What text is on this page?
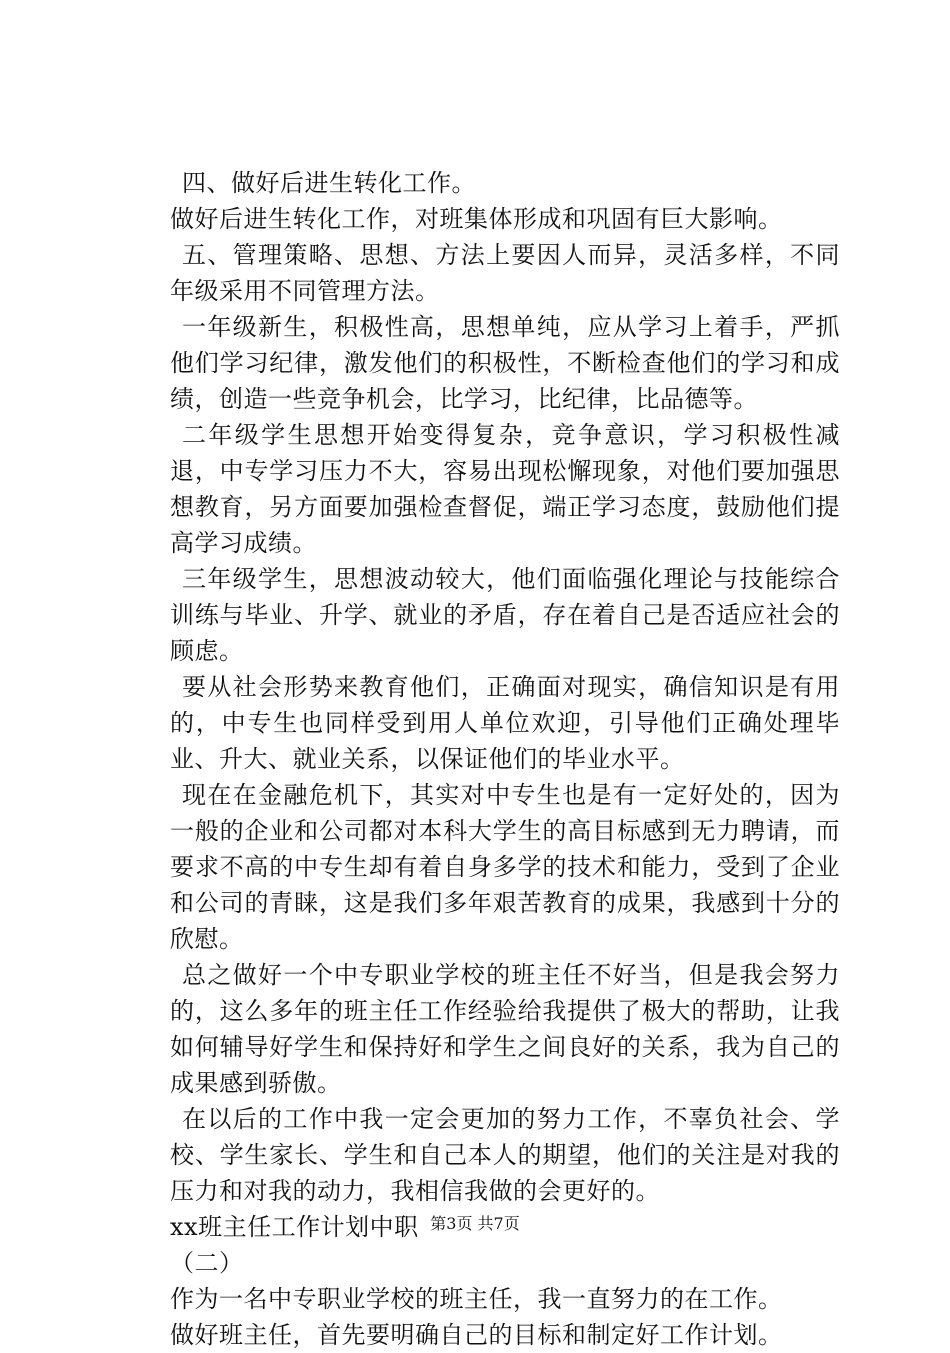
四、做好后进生转化工作。

做好后进生转化工作，对班集体形成和巩固有巨大影响。

五、管理策略、思想、方法上要因人而异，灵活多样，不同年级采用不同管理方法。

一年级新生，积极性高，思想单纯，应从学习上着手，严抓他们学习纪律，激发他们的积极性，不断检查他们的学习和成绩，创造一些竞争机会，比学习，比纪律，比品德等。

二年级学生思想开始变得复杂，竞争意识，学习积极性减退，中专学习压力不大，容易出现松懈现象，对他们要加强思想教育，另方面要加强检查督促，端正学习态度，鼓励他们提高学习成绩。

三年级学生，思想波动较大，他们面临强化理论与技能综合训练与毕业、升学、就业的矛盾，存在着自己是否适应社会的顾虑。

要从社会形势来教育他们，正确面对现实，确信知识是有用的，中专生也同样受到用人单位欢迎，引导他们正确处理毕业、升大、就业关系，以保证他们的毕业水平。

现在在金融危机下，其实对中专生也是有一定好处的，因为一般的企业和公司都对本科大学生的高目标感到无力聘请，而要求不高的中专生却有着自身多学的技术和能力，受到了企业和公司的青睐，这是我们多年艰苦教育的成果，我感到十分的欣慰。

总之做好一个中专职业学校的班主任不好当，但是我会努力的，这么多年的班主任工作经验给我提供了极大的帮助，让我如何辅导好学生和保持好和学生之间良好的关系，我为自己的成果感到骄傲。

在以后的工作中我一定会更加的努力工作，不辜负社会、学校、学生家长、学生和自己本人的期望，他们的关注是对我的压力和对我的动力，我相信我做的会更好的。

xx班主任工作计划中职

（二）

作为一名中专职业学校的班主任，我一直努力的在工作。

做好班主任，首先要明确自己的目标和制定好工作计划。

第3页 共7页
